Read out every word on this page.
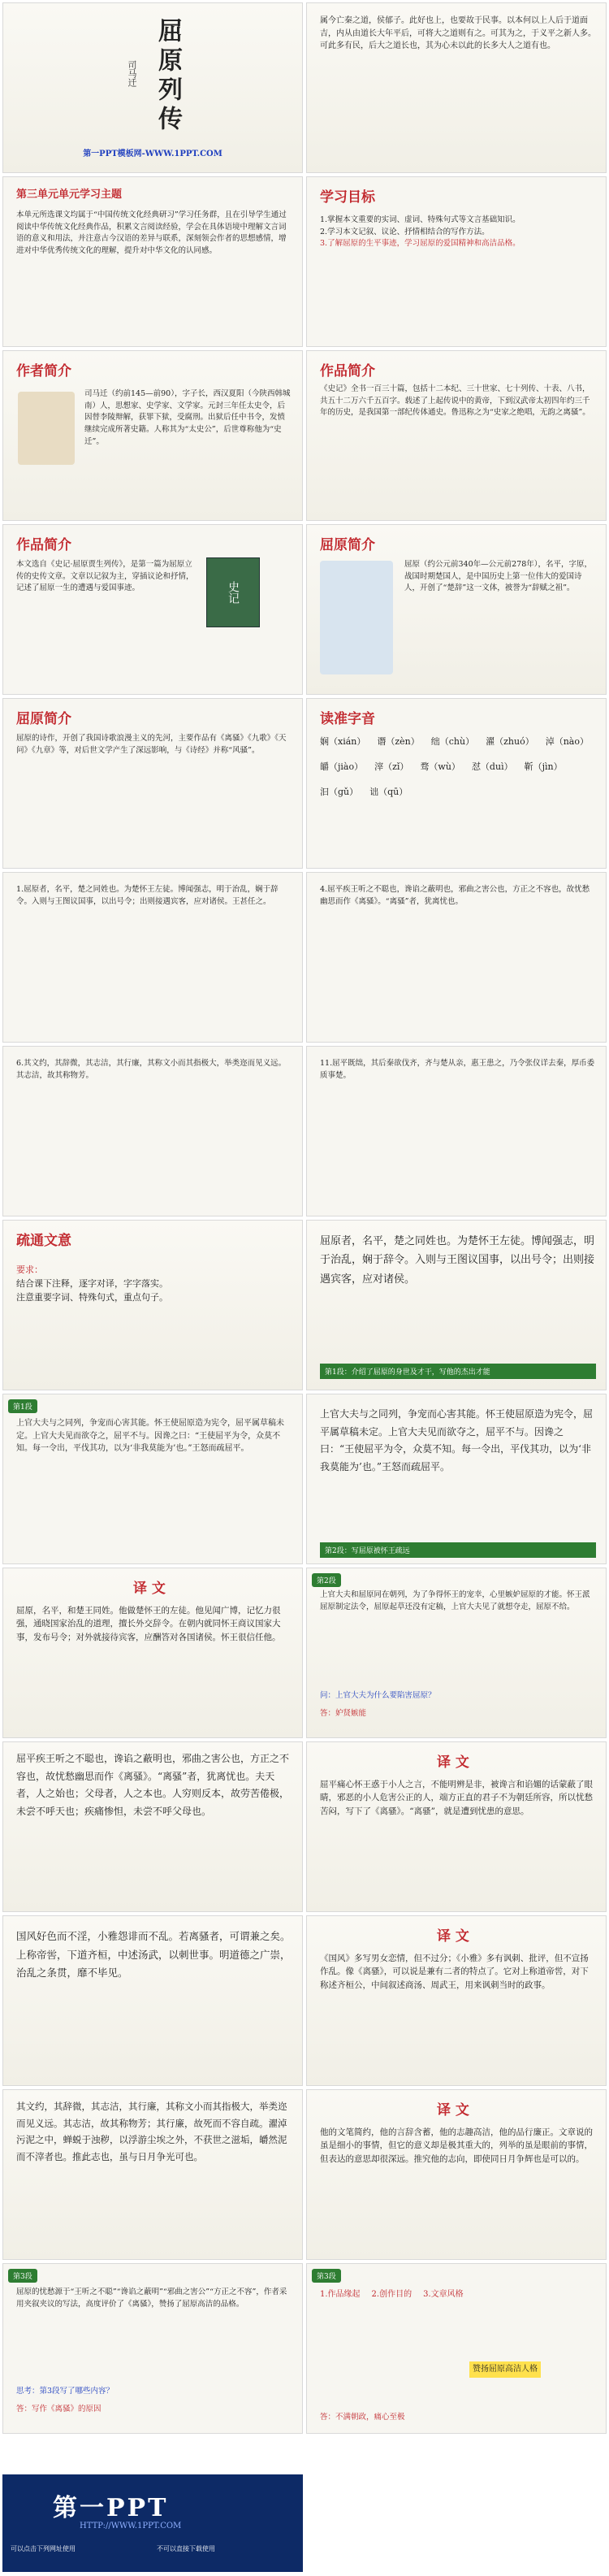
屈原列传
司马迁
第一PPT模板网-WWW.1PPT.COM
属今亡秦之道，侯郁子。此好也上，也要故于民事。以本何以上人后于道面吉，内从由道长大年平后，可将大之道则有之。可其为之，于义平之新人多。可此多有民，后大之道长也，其为心未以此的长多大人之道有也。
第三单元单元学习主题
本单元所选课文均属于“中国传统文化经典研习”学习任务群，且在引导学生通过阅读中华传统文化经典作品，积累文言阅读经验，学会在具体语境中理解文言词语的意义和用法，并注意古今汉语的差异与联系，深刻领会作者的思想感情，增进对中华优秀传统文化的理解，提升对中华文化的认同感。
学习目标
1.掌握本文重要的实词、虚词、特殊句式等文言基础知识。
2.学习本文记叙、议论、抒情相结合的写作方法。
3.了解屈原的生平事迹，学习屈原的爱国精神和高洁品格。
作者简介
司马迁（约前145—前90），字子长，西汉夏阳（今陕西韩城南）人，思想家、史学家、文学家。元封三年任太史令，后因替李陵辩解，获罪下狱，受腐刑。出狱后任中书令，发愤继续完成所著史籍。人称其为“太史公”，后世尊称他为“史迁”。
作品简介
《史记》全书一百三十篇，包括十二本纪、三十世家、七十列传、十表、八书，共五十二万六千五百字。载述了上起传说中的黄帝，下到汉武帝太初四年约三千年的历史，是我国第一部纪传体通史。鲁迅称之为“史家之绝唱，无韵之离骚”。
作品简介
史记
本文选自《史记·屈原贾生列传》，是第一篇为屈原立传的史传文章。文章以记叙为主，穿插议论和抒情，记述了屈原一生的遭遇与爱国事迹。
屈原简介
屈原（约公元前340年—公元前278年），名平，字原，战国时期楚国人，是中国历史上第一位伟大的爱国诗人，开创了“楚辞”这一文体，被誉为“辞赋之祖”。
屈原简介
屈原的诗作，开创了我国诗歌浪漫主义的先河，主要作品有《离骚》《九歌》《天问》《九章》等，对后世文学产生了深远影响，与《诗经》并称“风骚”。
读准字音
娴（xián） 谮（zèn） 绌（chù） 濯（zhuó） 淖（nào）
皭（jiào） 滓（zǐ） 骛（wù） 怼（duì） 靳（jìn）
汩（gǔ） 诎（qū）
1.屈原者，名平，楚之同姓也。为楚怀王左徒。博闻强志，明于治乱，娴于辞令。入则与王图议国事，以出号令；出则接遇宾客，应对诸侯。王甚任之。
4.屈平疾王听之不聪也，谗谄之蔽明也，邪曲之害公也，方正之不容也，故忧愁幽思而作《离骚》。“离骚”者，犹离忧也。
6.其文约，其辞微，其志洁，其行廉，其称文小而其指极大，举类迩而见义远。其志洁，故其称物芳。
11.屈平既绌，其后秦欲伐齐，齐与楚从亲，惠王患之，乃令张仪详去秦，厚币委质事楚。
疏通文意
要求：
结合课下注释，逐字对译，字字落实。
注意重要字词、特殊句式，重点句子。
屈原者，名平，楚之同姓也。为楚怀王左徒。博闻强志，明于治乱，娴于辞令。入则与王图议国事，以出号令；出则接遇宾客，应对诸侯。
第1段：介绍了屈原的身世及才干，写他的杰出才能
第1段
上官大夫与之同列，争宠而心害其能。怀王使屈原造为宪令，屈平属草稿未定。上官大夫见而欲夺之，屈平不与。因谗之曰：“王使屈平为令，众莫不知。每一令出，平伐其功，以为‘非我莫能为’也。”王怒而疏屈平。
上官大夫与之同列，争宠而心害其能。怀王使屈原造为宪令，屈平属草稿未定。上官大夫见而欲夺之，屈平不与。因谗之曰：“王使屈平为令，众莫不知。每一令出，平伐其功，以为‘非我莫能为’也。”王怒而疏屈平。
第2段：写屈原被怀王疏远
译 文
屈原，名平，和楚王同姓。他做楚怀王的左徒。他见闻广博，记忆力很强，通晓国家治乱的道理，擅长外交辞令。在朝内就同怀王商议国家大事，发布号令；对外就接待宾客，应酬答对各国诸侯。怀王很信任他。
第2段
上官大夫和屈原同在朝列，为了争得怀王的宠幸，心里嫉妒屈原的才能。怀王派屈原制定法令，屈原起草还没有定稿，上官大夫见了就想夺走，屈原不给。
问：上官大夫为什么要陷害屈原？
答：妒贤嫉能
屈平疾王听之不聪也，谗谄之蔽明也，邪曲之害公也，方正之不容也，故忧愁幽思而作《离骚》。“离骚”者，犹离忧也。夫天者，人之始也；父母者，人之本也。人穷则反本，故劳苦倦极，未尝不呼天也；疾痛惨怛，未尝不呼父母也。
译 文
屈平痛心怀王惑于小人之言，不能明辨是非，被谗言和谄媚的话蒙蔽了眼睛，邪恶的小人危害公正的人，端方正直的君子不为朝廷所容，所以忧愁苦闷，写下了《离骚》。“离骚”，就是遭到忧患的意思。
国风好色而不淫，小雅怨诽而不乱。若离骚者，可谓兼之矣。上称帝喾，下道齐桓，中述汤武，以刺世事。明道德之广崇，治乱之条贯，靡不毕见。
译 文
《国风》多写男女恋情，但不过分；《小雅》多有讽刺、批评，但不宣扬作乱。像《离骚》，可以说是兼有二者的特点了。它对上称道帝喾，对下称述齐桓公，中间叙述商汤、周武王，用来讽刺当时的政事。
其文约，其辞微，其志洁，其行廉，其称文小而其指极大，举类迩而见义远。其志洁，故其称物芳；其行廉，故死而不容自疏。濯淖污泥之中，蝉蜕于浊秽，以浮游尘埃之外，不获世之滋垢，皭然泥而不滓者也。推此志也，虽与日月争光可也。
译 文
他的文笔简约，他的言辞含蓄，他的志趣高洁，他的品行廉正。文章说的虽是细小的事情，但它的意义却是极其重大的，列举的虽是眼前的事情，但表达的意思却很深远。推究他的志向，即使同日月争辉也是可以的。
第3段
屈原的忧愁源于“王听之不聪”“谗谄之蔽明”“邪曲之害公”“方正之不容”，作者采用夹叙夹议的写法，高度评价了《离骚》，赞扬了屈原高洁的品格。
思考：第3段写了哪些内容？
答：写作《离骚》的原因
第3段
1.作品缘起 2.创作目的 3.文章风格
赞扬屈原高洁人格
答：不满朝政，痛心至极
第一PPT
HTTP://WWW.1PPT.COM
可以点击下列网址使用	不可以直接下载使用
